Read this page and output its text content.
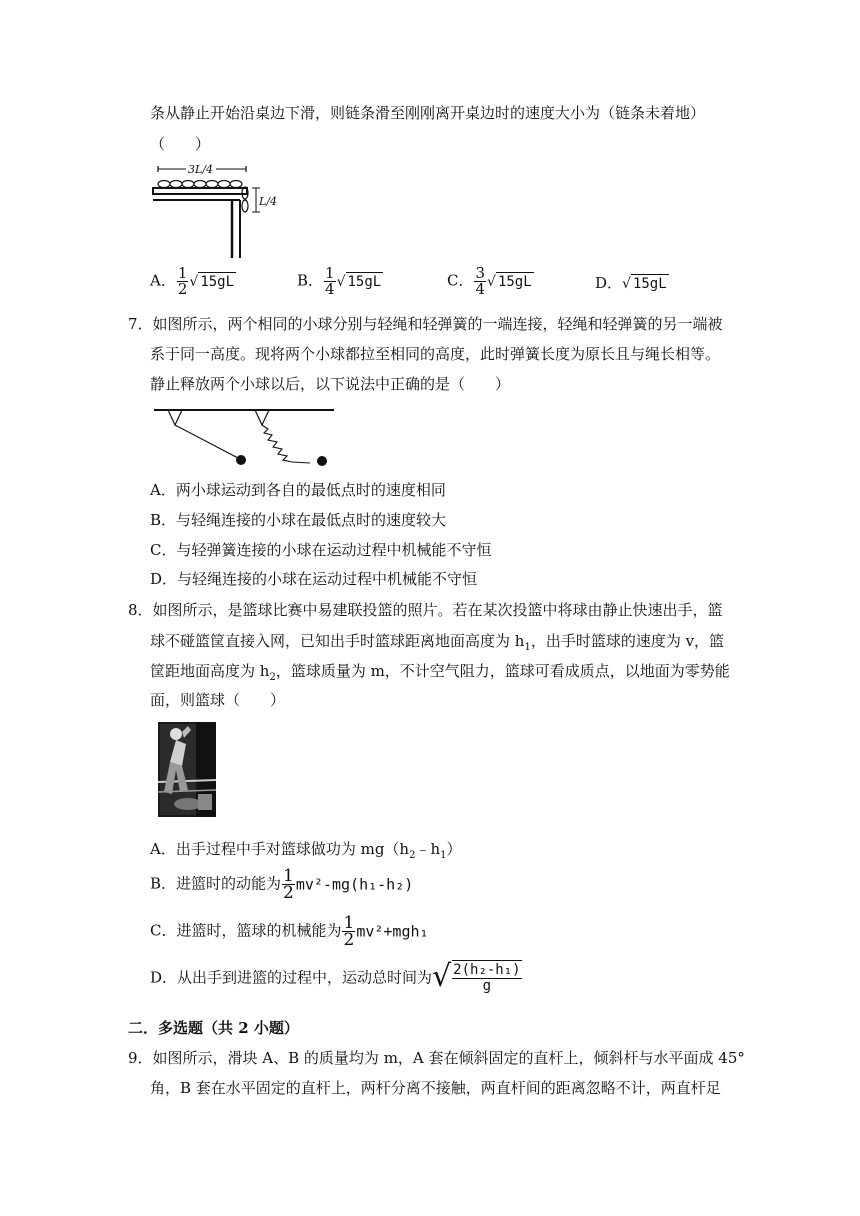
条从静止开始沿桌边下滑，则链条滑至刚刚离开桌边时的速度大小为（链条未着地）
（　　）
3L/4
L/4
A． $\frac{1}{2}$ √ 15gL	B． $\frac{1}{4}$ √ 15gL	C． $\frac{3}{4}$ √ 15gL	D．√ 15gL
7．如图所示，两个相同的小球分别与轻绳和轻弹簧的一端连接，轻绳和轻弹簧的另一端被
系于同一高度。现将两个小球都拉至相同的高度，此时弹簧长度为原长且与绳长相等。
静止释放两个小球以后，以下说法中正确的是（　　）
A．两小球运动到各自的最低点时的速度相同
B．与轻绳连接的小球在最低点时的速度较大
C．与轻弹簧连接的小球在运动过程中机械能不守恒
D．与轻绳连接的小球在运动过程中机械能不守恒
8．如图所示，是篮球比赛中易建联投篮的照片。若在某次投篮中将球由静止快速出手，篮
球不碰篮筐直接入网，已知出手时篮球距离地面高度为 $h_1$，出手时篮球的速度为 v，篮
筐距地面高度为 $h_2$，篮球质量为 m，不计空气阻力，篮球可看成质点，以地面为零势能
面，则篮球（　　）
A．出手过程中手对篮球做功为 $mg(h_2﹣h_1)$
B．进篮时的动能为 $\frac{1}{2} mv^2-mg(h_1-h_2)$
C．进篮时，篮球的机械能为 $\frac{1}{2} mv^2+mgh_1$
D．从出手到进篮的过程中，运动总时间为√ $\frac{\text{2(h₂-h₁)}}{g}$
二．多选题（共 2 小题）
9．如图所示，滑块 A、B 的质量均为 m，A 套在倾斜固定的直杆上，倾斜杆与水平面成 45°
角，B 套在水平固定的直杆上，两杆分离不接触，两直杆间的距离忽略不计，两直杆足
